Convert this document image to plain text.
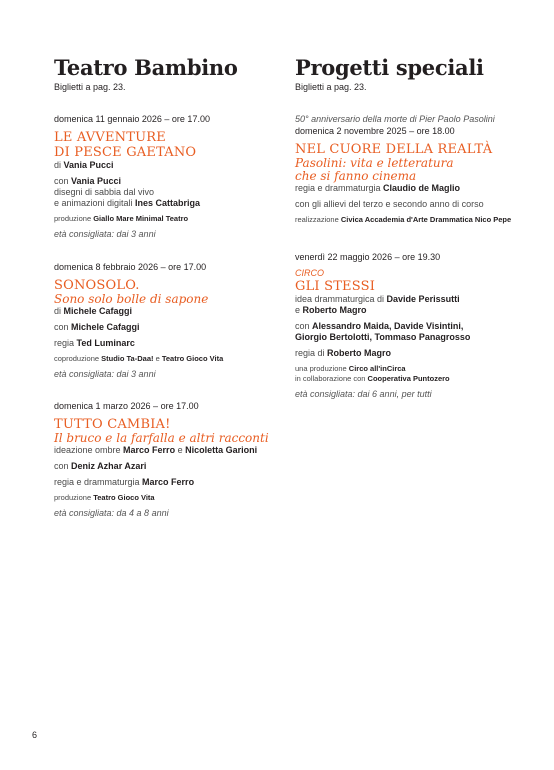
Teatro Bambino
Biglietti a pag. 23.
domenica 11 gennaio 2026 – ore 17.00
LE AVVENTURE
DI PESCE GAETANO
di Vania Pucci
con Vania Pucci
disegni di sabbia dal vivo
e animazioni digitali Ines Cattabriga
produzione Giallo Mare Minimal Teatro
età consigliata: dai 3 anni
domenica 8 febbraio 2026 – ore 17.00
SONOSOLO.
Sono solo bolle di sapone
di Michele Cafaggi
con Michele Cafaggi
regia Ted Luminarc
coproduzione Studio Ta-Daa! e Teatro Gioco Vita
età consigliata: dai 3 anni
domenica 1 marzo 2026 – ore 17.00
TUTTO CAMBIA!
Il bruco e la farfalla e altri racconti
ideazione ombre Marco Ferro e Nicoletta Garioni
con Deniz Azhar Azari
regia e drammaturgia Marco Ferro
produzione Teatro Gioco Vita
età consigliata: da 4 a 8 anni
Progetti speciali
Biglietti a pag. 23.
50° anniversario della morte di Pier Paolo Pasolini
domenica 2 novembre 2025 – ore 18.00
NEL CUORE DELLA REALTÀ
Pasolini: vita e letteratura
che si fanno cinema
regia e drammaturgia Claudio de Maglio
con gli allievi del terzo e secondo anno di corso
realizzazione Civica Accademia d'Arte Drammatica Nico Pepe
venerdì 22 maggio 2026 – ore 19.30
CIRCO
GLI STESSI
idea drammaturgica di Davide Perissutti
e Roberto Magro
con Alessandro Maida, Davide Visintini,
Giorgio Bertolotti, Tommaso Panagrosso
regia di Roberto Magro
una produzione Circo all'inCirca
in collaborazione con Cooperativa Puntozero
età consigliata: dai 6 anni, per tutti
6
